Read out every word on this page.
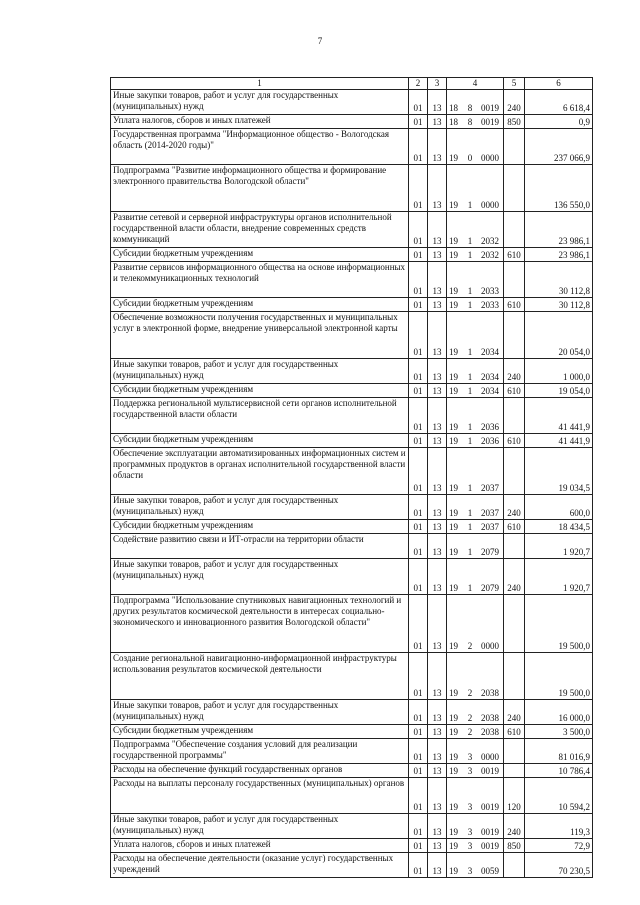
7
1	2	3	4	5	6
Иные закупки товаров, работ и услуг для государственных (муниципальных) нужд	01	13	18 8 0019	240	6 618,4
Уплата налогов, сборов и иных платежей	01	13	18 8 0019	850	0,9
Государственная программа "Информационное общество - Вологодская область (2014-2020 годы)"	01	13	19 0 0000		237 066,9
Подпрограмма "Развитие информационного общества и формирование электронного правительства Вологодской области"	01	13	19 1 0000		136 550,0
Развитие сетевой и серверной инфраструктуры органов исполнительной государственной власти области, внедрение современных средств коммуникаций	01	13	19 1 2032		23 986,1
Субсидии бюджетным учреждениям	01	13	19 1 2032	610	23 986,1
Развитие сервисов информационного общества на основе информационных и телекоммуникационных технологий	01	13	19 1 2033		30 112,8
Субсидии бюджетным учреждениям	01	13	19 1 2033	610	30 112,8
Обеспечение возможности получения государственных и муниципальных услуг в электронной форме, внедрение универсальной электронной карты	01	13	19 1 2034		20 054,0
Иные закупки товаров, работ и услуг для государственных (муниципальных) нужд	01	13	19 1 2034	240	1 000,0
Субсидии бюджетным учреждениям	01	13	19 1 2034	610	19 054,0
Поддержка региональной мультисервисной сети органов исполнительной государственной власти области	01	13	19 1 2036		41 441,9
Субсидии бюджетным учреждениям	01	13	19 1 2036	610	41 441,9
Обеспечение эксплуатации автоматизированных информационных систем и программных продуктов в органах исполнительной государственной власти области	01	13	19 1 2037		19 034,5
Иные закупки товаров, работ и услуг для государственных (муниципальных) нужд	01	13	19 1 2037	240	600,0
Субсидии бюджетным учреждениям	01	13	19 1 2037	610	18 434,5
Содействие развитию связи и ИТ-отрасли на территории области	01	13	19 1 2079		1 920,7
Иные закупки товаров, работ и услуг для государственных (муниципальных) нужд	01	13	19 1 2079	240	1 920,7
Подпрограмма "Использование спутниковых навигационных технологий и других результатов космической деятельности в интересах социально-экономического и инновационного развития Вологодской области"	01	13	19 2 0000		19 500,0
Создание региональной навигационно-информационной инфраструктуры использования результатов космической деятельности	01	13	19 2 2038		19 500,0
Иные закупки товаров, работ и услуг для государственных (муниципальных) нужд	01	13	19 2 2038	240	16 000,0
Субсидии бюджетным учреждениям	01	13	19 2 2038	610	3 500,0
Подпрограмма "Обеспечение создания условий для реализации государственной программы"	01	13	19 3 0000		81 016,9
Расходы на обеспечение функций государственных органов	01	13	19 3 0019		10 786,4
Расходы на выплаты персоналу государственных (муниципальных) органов	01	13	19 3 0019	120	10 594,2
Иные закупки товаров, работ и услуг для государственных (муниципальных) нужд	01	13	19 3 0019	240	119,3
Уплата налогов, сборов и иных платежей	01	13	19 3 0019	850	72,9
Расходы на обеспечение деятельности (оказание услуг) государственных учреждений	01	13	19 3 0059		70 230,5
